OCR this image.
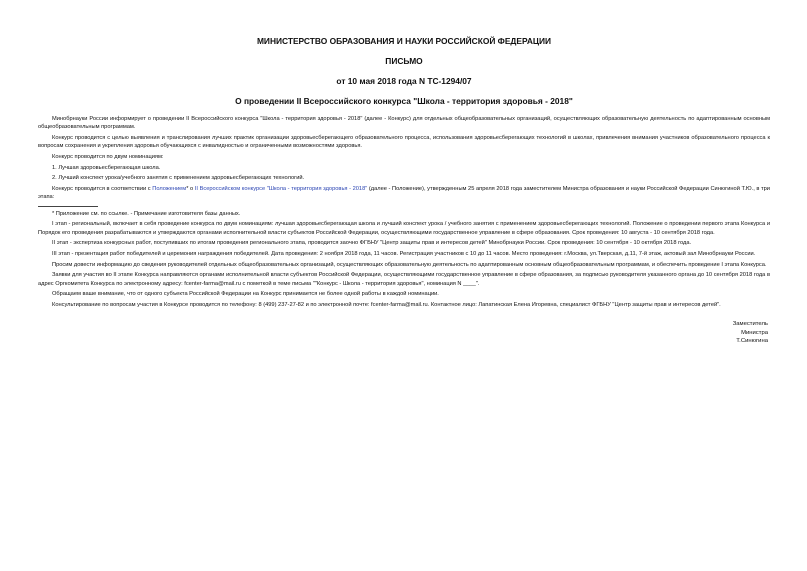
МИНИСТЕРСТВО ОБРАЗОВАНИЯ И НАУКИ РОССИЙСКОЙ ФЕДЕРАЦИИ
ПИСЬМО
от 10 мая 2018 года N ТС-1294/07
О проведении II Всероссийского конкурса "Школа - территория здоровья - 2018"

Минобрнауки России информирует о проведении II Всероссийского конкурса "Школа - территория здоровья - 2018" (далее - Конкурс) для отдельных общеобразовательных организаций, осуществляющих образовательную деятельность по адаптированным основным общеобразовательным программам.

Конкурс проводится с целью выявления и транслирования лучших практик организации здоровьесберегающего образовательного процесса, использования здоровьесберегающих технологий в школах, привлечения внимания участников образовательного процесса к вопросам сохранения и укрепления здоровья обучающихся с инвалидностью и ограниченными возможностями здоровья.

Конкурс проводится по двум номинациям:

1. Лучшая здоровьесберегающая школа.

2. Лучший конспект урока/учебного занятия с применением здоровьесберегающих технологий.

Конкурс проводится в соответствии с Положением* о II Всероссийском конкурсе "Школа - территория здоровья - 2018" (далее - Положение), утвержденным 25 апреля 2018 года заместителем Министра образования и науки Российской Федерации Синюгиной Т.Ю., в три этапа:

* Приложение см. по ссылке. - Примечание изготовителя базы данных.

I этап - региональный, включает в себя проведение конкурса по двум номинациям: лучшая здоровьесберегающая школа и лучший конспект урока / учебного занятия с применением здоровьесберегающих технологий. Положение о проведении первого этапа Конкурса и Порядок его проведения разрабатываются и утверждаются органами исполнительной власти субъектов Российской Федерации, осуществляющими государственное управление в сфере образования. Срок проведения: 10 августа - 10 сентября 2018 года.

II этап - экспертиза конкурсных работ, поступивших по итогам проведения регионального этапа, проводится заочно ФГБНУ "Центр защиты прав и интересов детей" Минобрнауки России. Срок проведения: 10 сентября - 10 октября 2018 года.

III этап - презентация работ победителей и церемония награждения победителей. Дата проведения: 2 ноября 2018 года, 11 часов. Регистрация участников с 10 до 11 часов. Место проведения: г.Москва, ул.Тверская, д.11, 7-й этаж, актовый зал Минобрнауки России.

Просим довести информацию до сведения руководителей отдельных общеобразовательных организаций, осуществляющих образовательную деятельность по адаптированным основным общеобразовательным программам, и обеспечить проведение I этапа Конкурса.

Заявки для участия во II этапе Конкурса направляются органами исполнительной власти субъектов Российской Федерации, осуществляющими государственное управление в сфере образования, за подписью руководителя указанного органа до 10 сентября 2018 года в адрес Оргкомитета Конкурса по электронному адресу: fcenter-farma@mail.ru с пометкой в теме письма ""Конкурс - Школа - территория здоровья", номинация N ____".

Обращаем ваше внимание, что от одного субъекта Российской Федерации на Конкурс принимается не более одной работы в каждой номинации.

Консультирование по вопросам участия в Конкурсе проводится по телефону: 8 (499) 237-27-82 и по электронной почте: fcenter-farma@mail.ru. Контактное лицо: Лапатинская Елена Игоревна, специалист ФГБНУ "Центр защиты прав и интересов детей".

Заместитель
Министра
Т.Синюгина
